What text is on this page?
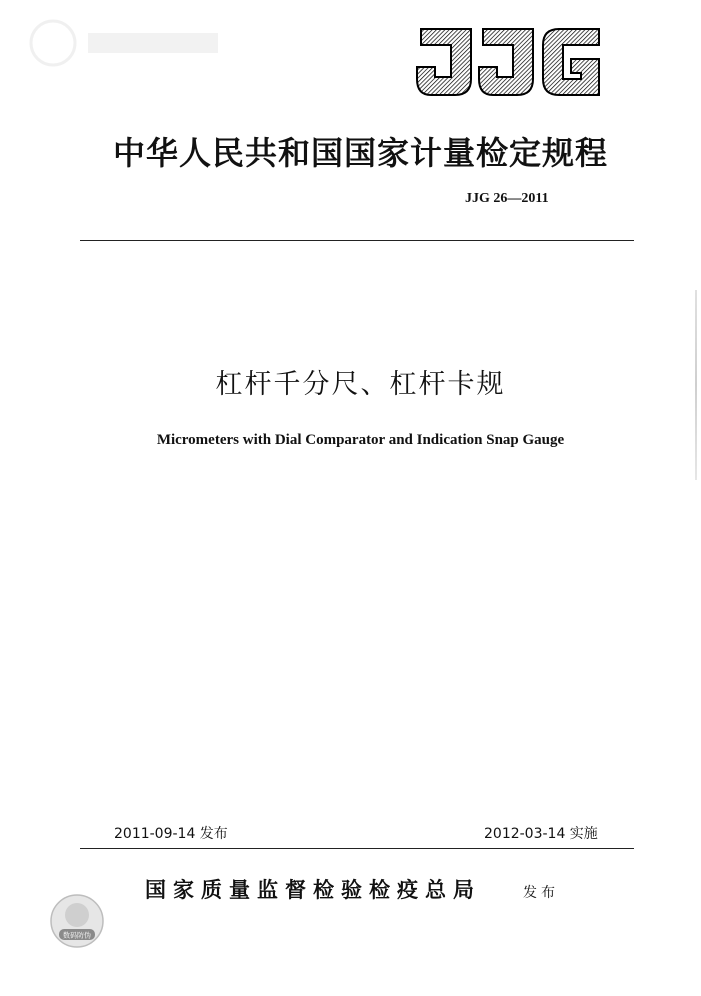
中华人民共和国国家计量检定规程
JJG 26—2011
杠杆千分尺、杠杆卡规
Micrometers with Dial Comparator and Indication Snap Gauge
2011-09-14 发布	2012-03-14 实施
数码防伪
国家质量监督检验检疫总局	发布
